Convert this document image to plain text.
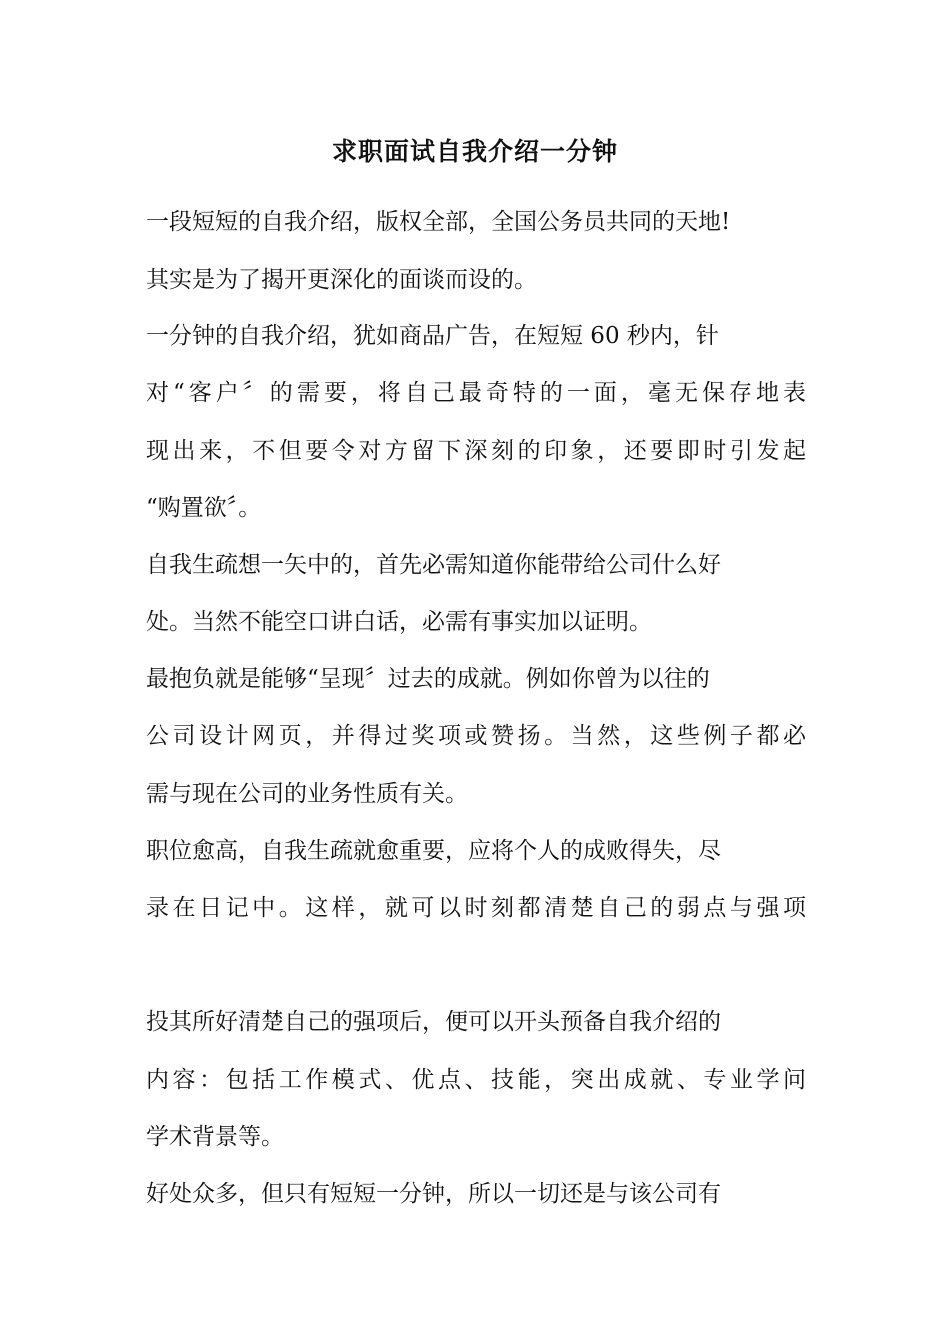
求职面试自我介绍一分钟
一段短短的自我介绍，版权全部，全国公务员共同的天地!
其实是为了揭开更深化的面谈而设的。
一分钟的自我介绍，犹如商品广告，在短短 60 秒内，针
对“客户〞的需要，将自己最奇特的一面，毫无保存地表
现出来，不但要令对方留下深刻的印象，还要即时引发起
“购置欲〞。
自我生疏想一矢中的，首先必需知道你能带给公司什么好
处。当然不能空口讲白话，必需有事实加以证明。
最抱负就是能够“呈现〞过去的成就。例如你曾为以往的
公司设计网页，并得过奖项或赞扬。当然，这些例子都必
需与现在公司的业务性质有关。
职位愈高，自我生疏就愈重要，应将个人的成败得失，尽
录在日记中。这样，就可以时刻都清楚自己的弱点与强项
投其所好清楚自己的强项后，便可以开头预备自我介绍的
内容：包括工作模式、优点、技能，突出成就、专业学问
学术背景等。
好处众多，但只有短短一分钟，所以一切还是与该公司有
